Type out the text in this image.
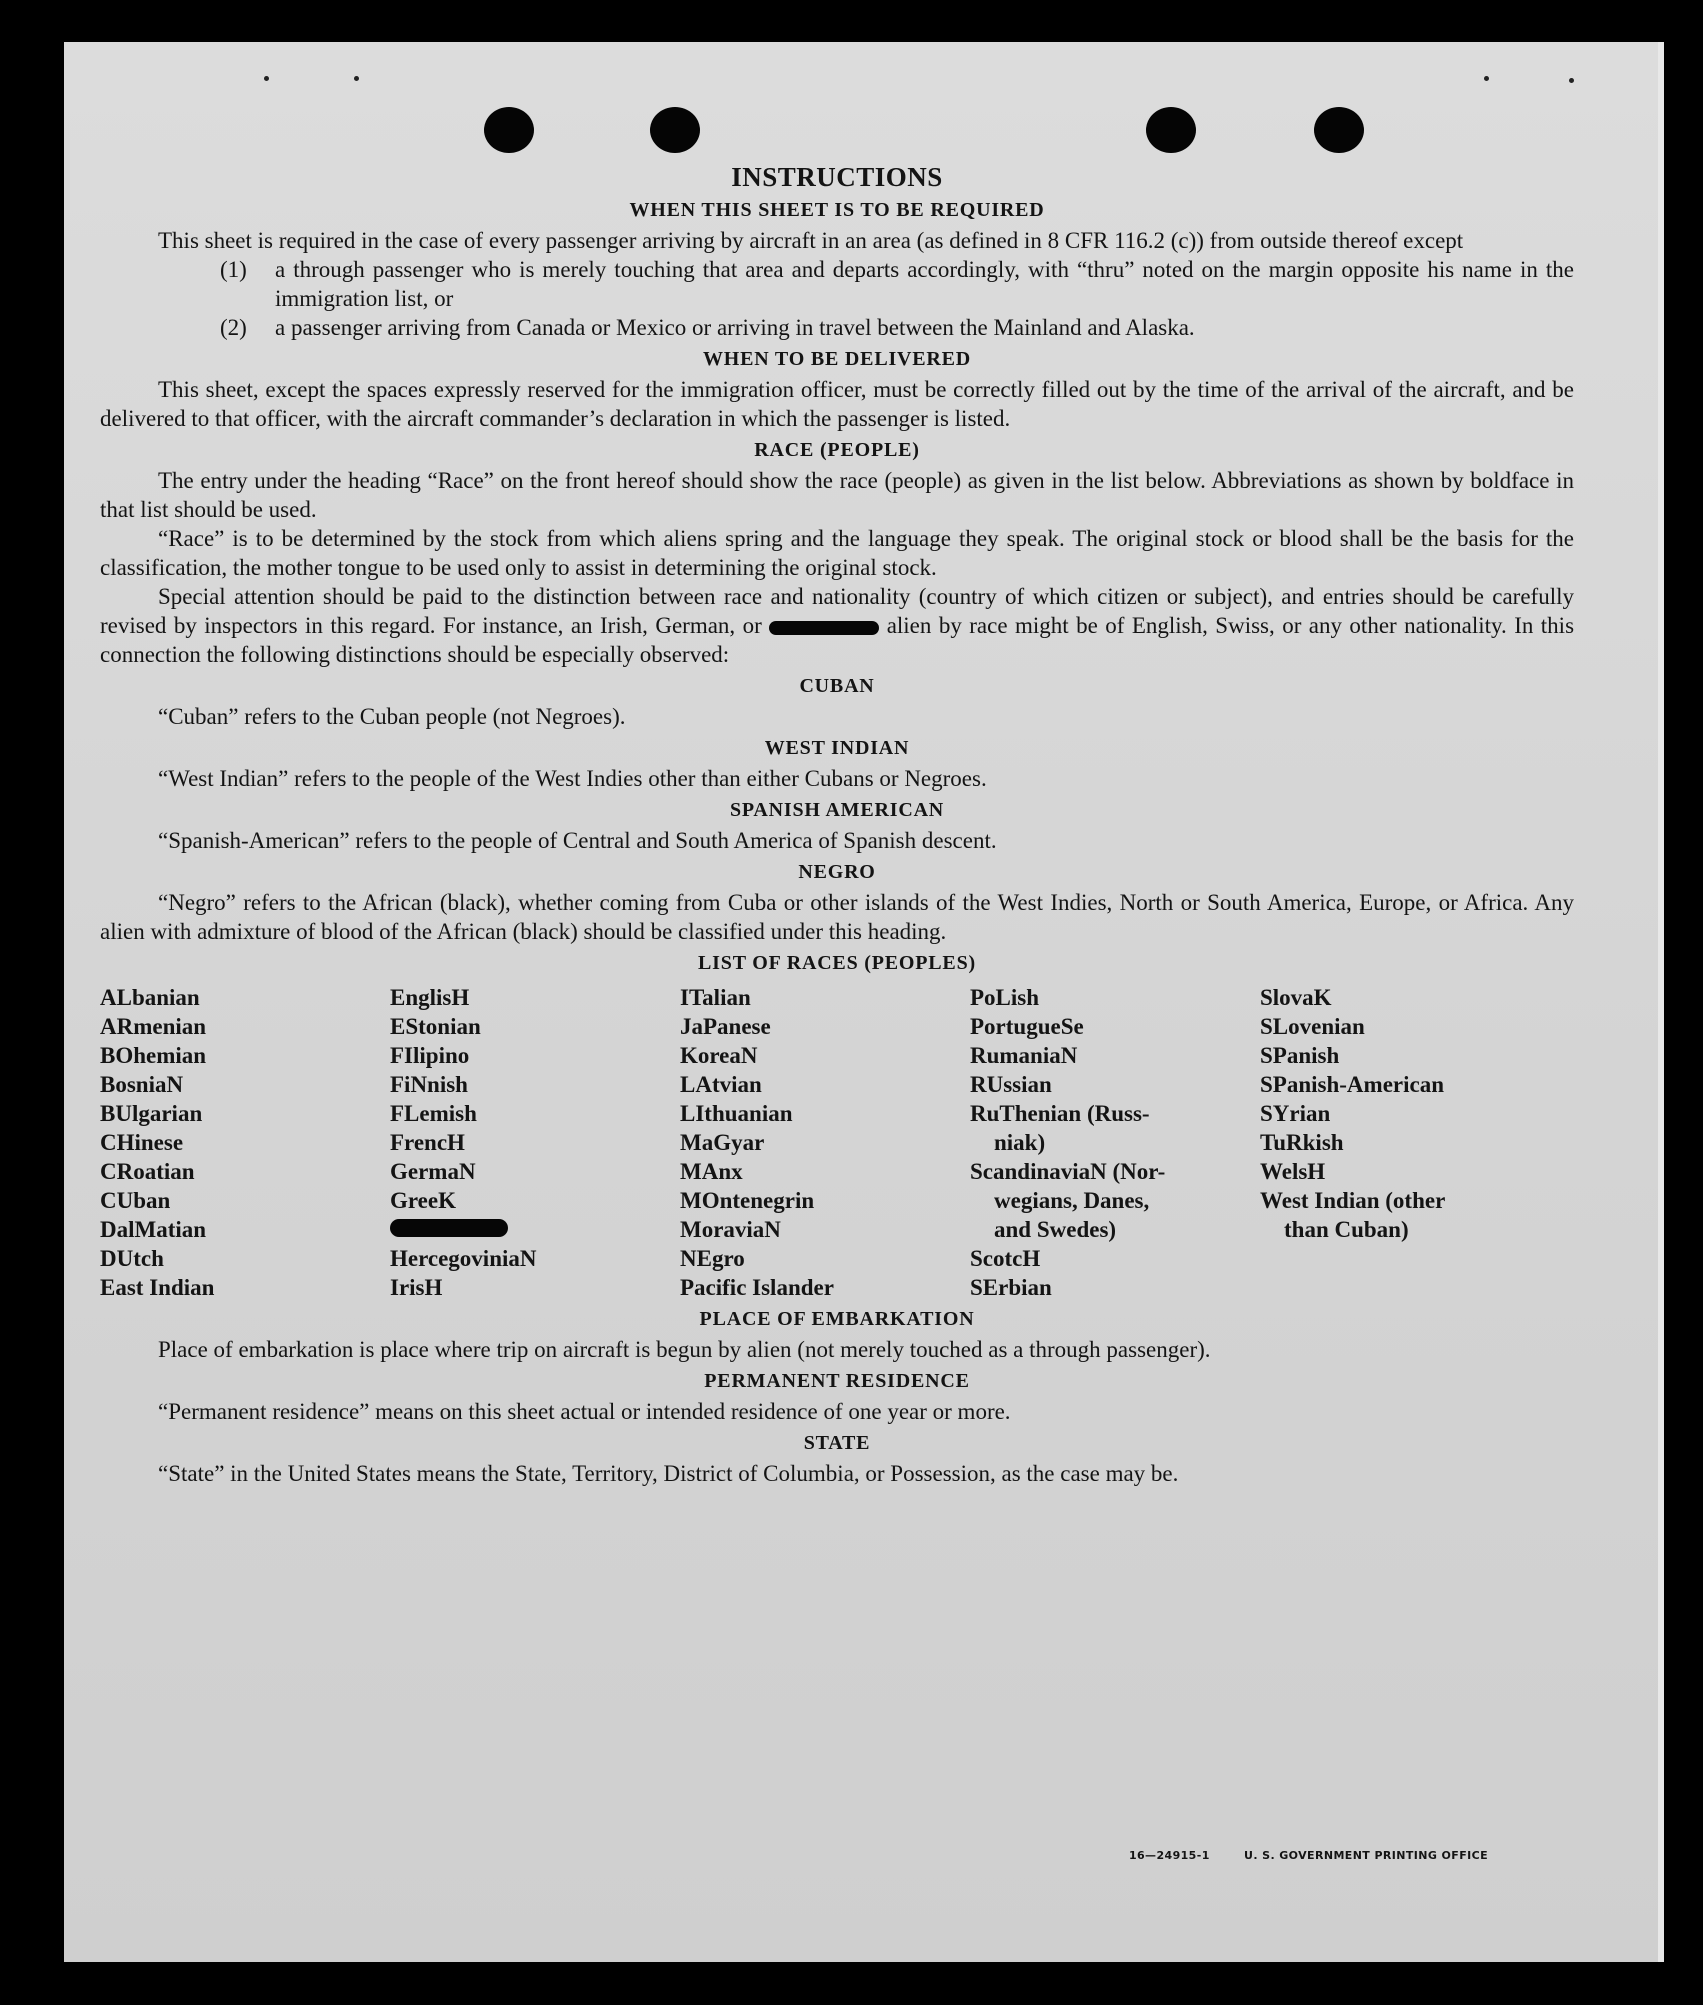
INSTRUCTIONS
WHEN THIS SHEET IS TO BE REQUIRED

This sheet is required in the case of every passenger arriving by aircraft in an area (as defined in 8 CFR 116.2 (c)) from outside thereof except

(1)	a through passenger who is merely touching that area and departs accordingly, with “thru” noted on the margin opposite his name in the immigration list, or
(2)	a passenger arriving from Canada or Mexico or arriving in travel between the Mainland and Alaska.
WHEN TO BE DELIVERED

This sheet, except the spaces expressly reserved for the immigration officer, must be correctly filled out by the time of the arrival of the aircraft, and be delivered to that officer, with the aircraft commander’s declaration in which the passenger is listed.

RACE (PEOPLE)

The entry under the heading “Race” on the front hereof should show the race (people) as given in the list below. Abbreviations as shown by boldface in that list should be used.

“Race” is to be determined by the stock from which aliens spring and the language they speak. The original stock or blood shall be the basis for the classification, the mother tongue to be used only to assist in determining the original stock.

Special attention should be paid to the distinction between race and nationality (country of which citizen or subject), and entries should be carefully revised by inspectors in this regard. For instance, an Irish, German, or	alien by race might be of English, Swiss, or any other nationality. In this connection the following distinctions should be especially observed:

CUBAN

“Cuban” refers to the Cuban people (not Negroes).

WEST INDIAN

“West Indian” refers to the people of the West Indies other than either Cubans or Negroes.

SPANISH AMERICAN

“Spanish-American” refers to the people of Central and South America of Spanish descent.

NEGRO

“Negro” refers to the African (black), whether coming from Cuba or other islands of the West Indies, North or South America, Europe, or Africa. Any alien with admixture of blood of the African (black) should be classified under this heading.

LIST OF RACES (PEOPLES)
ALbanian
ARmenian
BOhemian
BosniaN
BUlgarian
CHinese
CRoatian
CUban
DalMatian
DUtch
East Indian
EnglisH
EStonian
FIlipino
FiNnish
FLemish
FrencH
GermaN
GreeK
HercegoviniaN
IrisH
ITalian
JaPanese
KoreaN
LAtvian
LIthuanian
MaGyar
MAnx
MOntenegrin
MoraviaN
NEgro
Pacific Islander
PoLish
PortugueSe
RumaniaN
RUssian
RuThenian (Russ-
niak)
ScandinaviaN (Nor-
wegians, Danes,
and Swedes)
ScotcH
SErbian
SlovaK
SLovenian
SPanish
SPanish-American
SYrian
TuRkish
WelsH
West Indian (other
than Cuban)
PLACE OF EMBARKATION

Place of embarkation is place where trip on aircraft is begun by alien (not merely touched as a through passenger).

PERMANENT RESIDENCE

“Permanent residence” means on this sheet actual or intended residence of one year or more.

STATE

“State” in the United States means the State, Territory, District of Columbia, or Possession, as the case may be.

16—24915-1	U. S. GOVERNMENT PRINTING OFFICE
